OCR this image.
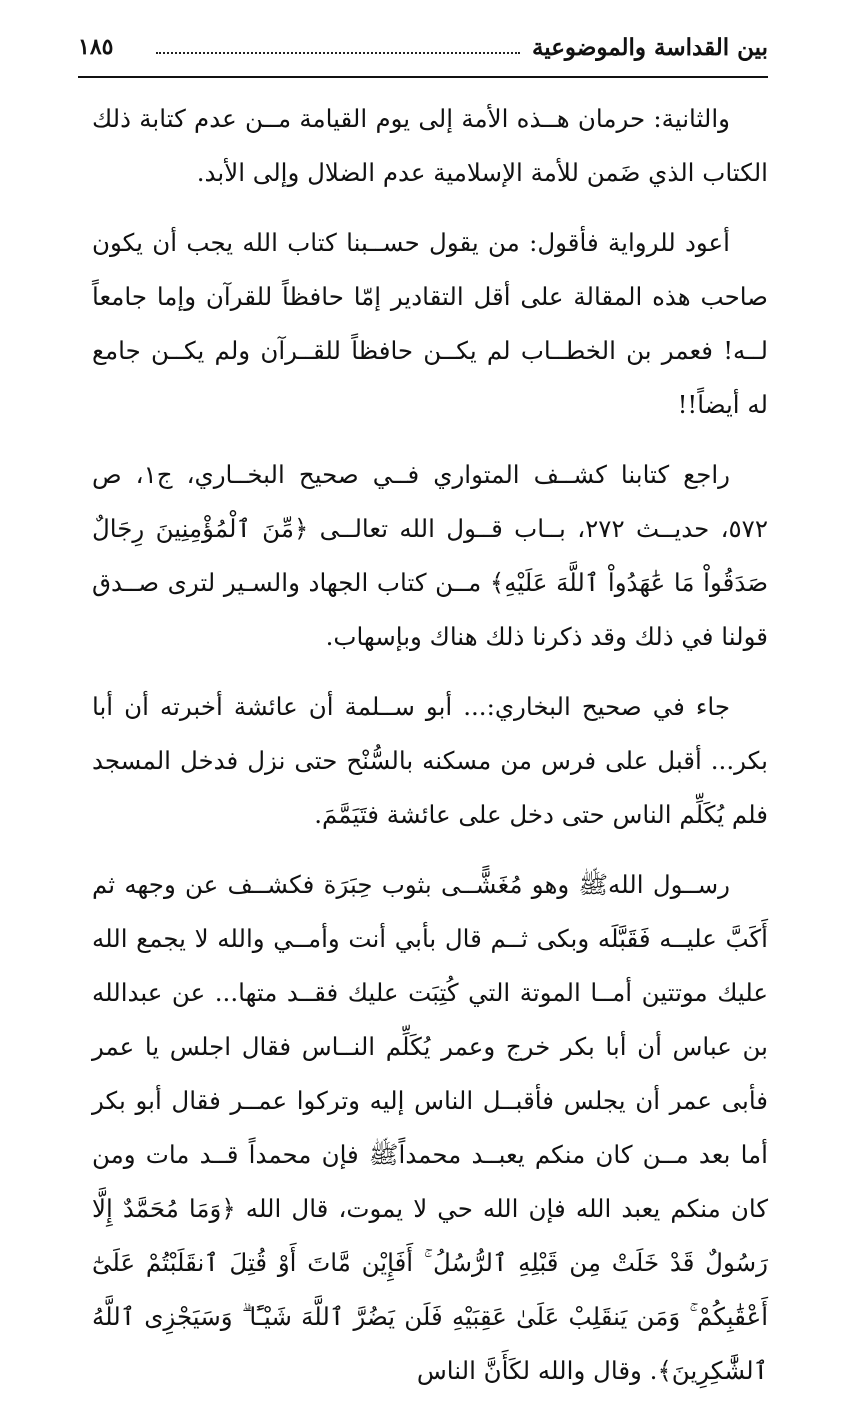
بين القداسة والموضوعية
١٨٥

والثانية: حرمان هــذه الأمة إلى يوم القيامة مــن عدم كتابة ذلك الكتاب الذي ضَمن للأمة الإسلامية عدم الضلال وإلى الأبد.

أعود للرواية فأقول: من يقول حســبنا كتاب الله يجب أن يكون صاحب هذه المقالة على أقل التقادير إمّا حافظاً للقرآن وإما جامعاً لــه! فعمر بن الخطــاب لم يكــن حافظاً للقــرآن ولم يكــن جامع له أيضاً!!

راجع كتابنا كشــف المتواري فــي صحيح البخــاري، ج١، ص ٥٧٢، حديــث ٢٧٢، بــاب قــول الله تعالــى ﴿مِّنَ ٱلْمُؤْمِنِينَ رِجَالٌ صَدَقُواْ مَا عَٰهَدُواْ ٱللَّهَ عَلَيْهِ﴾ مــن كتاب الجهاد والسـير لترى صــدق قولنا في ذلك وقد ذكرنا ذلك هناك وبإسهاب.

جاء في صحيح البخاري:... أبو ســلمة أن عائشة أخبرته أن أبا بكر... أقبل على فرس من مسكنه بالسُّنْح حتى نزل فدخل المسجد فلم يُكَلِّم الناس حتى دخل على عائشة فتَيَمَّمَ.

رســول اللهﷺ وهو مُغَشًّــى بثوب حِبَرَة فكشــف عن وجهه ثم أَكَبَّ عليــه فَقَبَّلَه وبكى ثــم قال بأبي أنت وأمــي والله لا يجمع الله عليك موتتين أمــا الموتة التي كُتِبَت عليك فقــد متها... عن عبدالله بن عباس أن أبا بكر خرج وعمر يُكَلِّم النــاس فقال اجلس يا عمر فأبى عمر أن يجلس فأقبــل الناس إليه وتركوا عمــر فقال أبو بكر أما بعد مــن كان منكم يعبــد محمداًﷺ فإن محمداً قــد مات ومن كان منكم يعبد الله فإن الله حي لا يموت، قال الله ﴿وَمَا مُحَمَّدٌ إِلَّا رَسُولٌ قَدْ خَلَتْ مِن قَبْلِهِ ٱلرُّسُلُ ۚ أَفَإِيْن مَّاتَ أَوْ قُتِلَ ٱنقَلَبْتُمْ عَلَىٰٓ أَعْقَٰبِكُمْ ۚ وَمَن يَنقَلِبْ عَلَىٰ عَقِبَيْهِ فَلَن يَضُرَّ ٱللَّهَ شَيْـًٔا ۗ وَسَيَجْزِى ٱللَّهُ ٱلشَّٰكِرِينَ﴾. وقال والله لكَأَنَّ الناس
